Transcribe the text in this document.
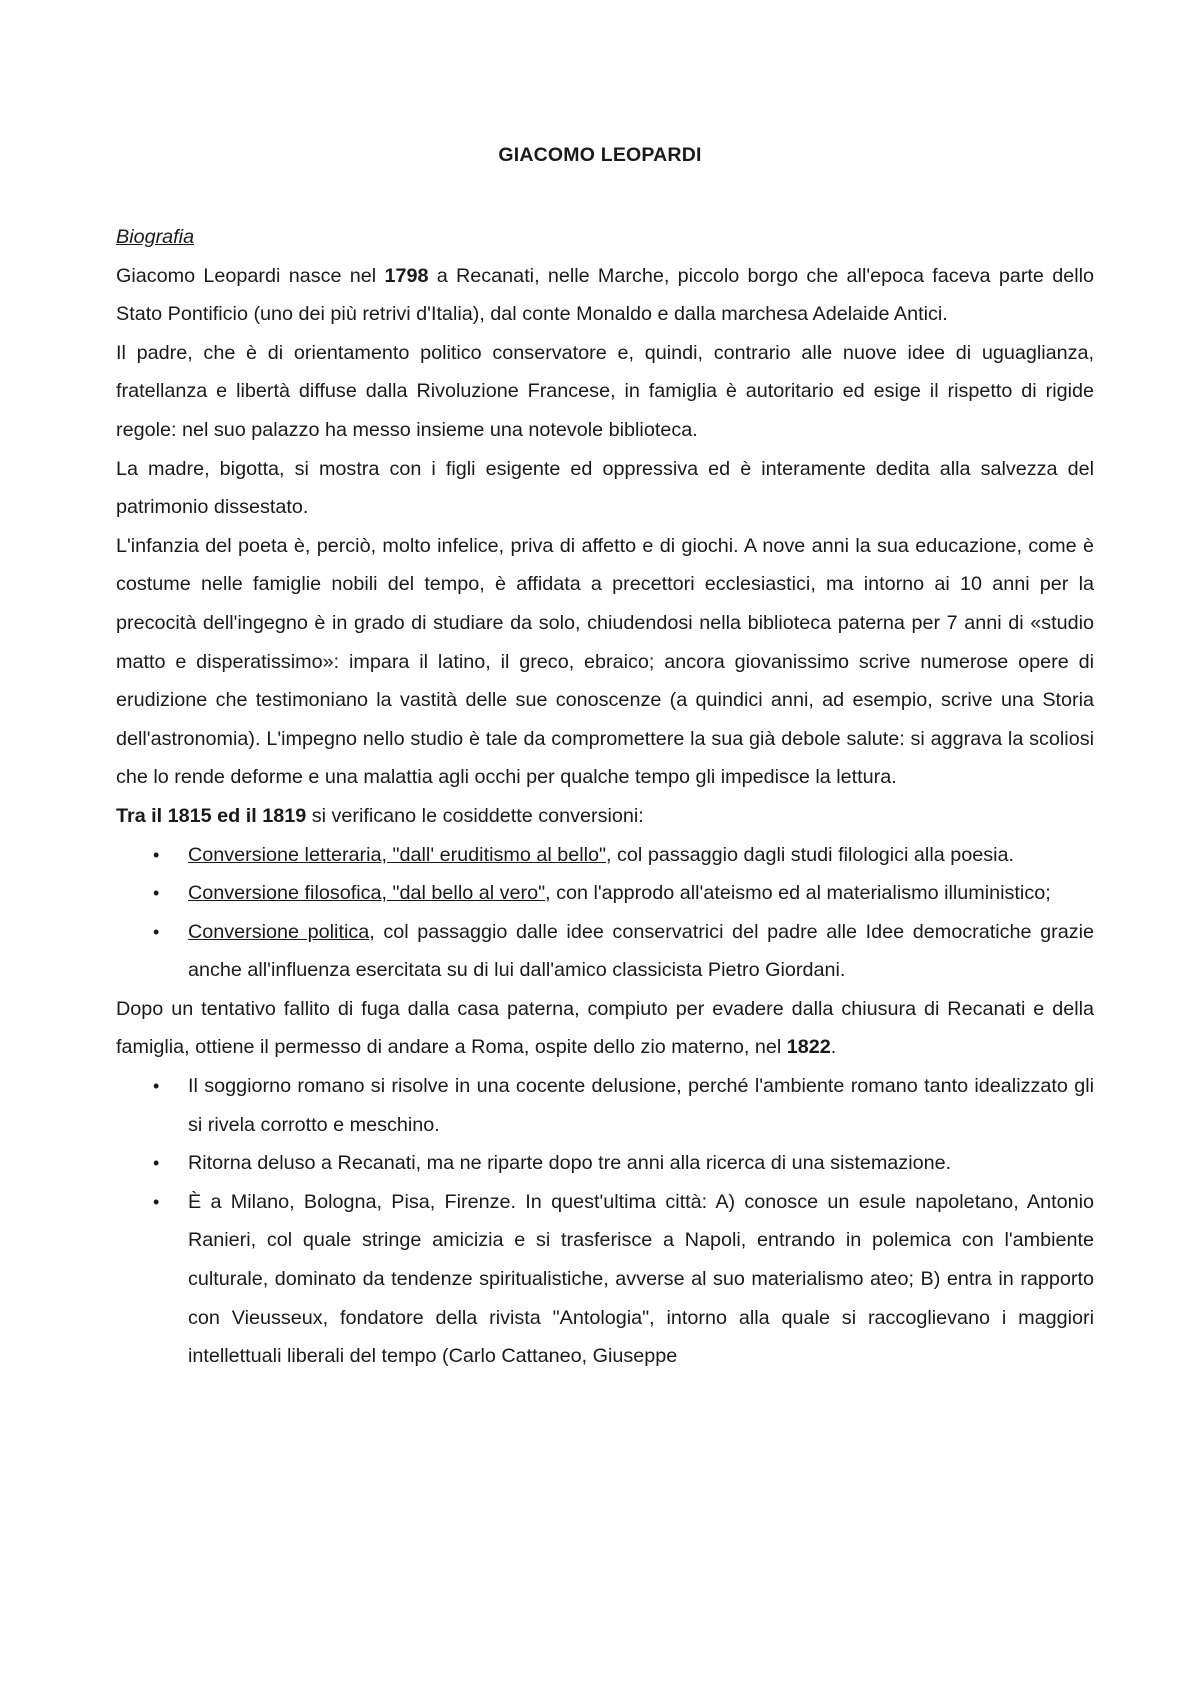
GIACOMO LEOPARDI
Biografia

Giacomo Leopardi nasce nel 1798 a Recanati, nelle Marche, piccolo borgo che all'epoca faceva parte dello Stato Pontificio (uno dei più retrivi d'Italia), dal conte Monaldo e dalla marchesa Adelaide Antici.

Il padre, che è di orientamento politico conservatore e, quindi, contrario alle nuove idee di uguaglianza, fratellanza e libertà diffuse dalla Rivoluzione Francese, in famiglia è autoritario ed esige il rispetto di rigide regole: nel suo palazzo ha messo insieme una notevole biblioteca.

La madre, bigotta, si mostra con i figli esigente ed oppressiva ed è interamente dedita alla salvezza del patrimonio dissestato.

L'infanzia del poeta è, perciò, molto infelice, priva di affetto e di giochi. A nove anni la sua educazione, come è costume nelle famiglie nobili del tempo, è affidata a precettori ecclesiastici, ma intorno ai 10 anni per la precocità dell'ingegno è in grado di studiare da solo, chiudendosi nella biblioteca paterna per 7 anni di «studio matto e disperatissimo»: impara il latino, il greco, ebraico; ancora giovanissimo scrive numerose opere di erudizione che testimoniano la vastità delle sue conoscenze (a quindici anni, ad esempio, scrive una Storia dell'astronomia). L'impegno nello studio è tale da compromettere la sua già debole salute: si aggrava la scoliosi che lo rende deforme e una malattia agli occhi per qualche tempo gli impedisce la lettura.

Tra il 1815 ed il 1819 si verificano le cosiddette conversioni:

• Conversione letteraria, "dall' eruditismo al bello", col passaggio dagli studi filologici alla poesia.
• Conversione filosofica, "dal bello al vero", con l'approdo all'ateismo ed al materialismo illuministico;
• Conversione politica, col passaggio dalle idee conservatrici del padre alle Idee democratiche grazie anche all'influenza esercitata su di lui dall'amico classicista Pietro Giordani.

Dopo un tentativo fallito di fuga dalla casa paterna, compiuto per evadere dalla chiusura di Recanati e della famiglia, ottiene il permesso di andare a Roma, ospite dello zio materno, nel 1822.

• Il soggiorno romano si risolve in una cocente delusione, perché l'ambiente romano tanto idealizzato gli si rivela corrotto e meschino.
• Ritorna deluso a Recanati, ma ne riparte dopo tre anni alla ricerca di una sistemazione.
• È a Milano, Bologna, Pisa, Firenze. In quest'ultima città: A) conosce un esule napoletano, Antonio Ranieri, col quale stringe amicizia e si trasferisce a Napoli, entrando in polemica con l'ambiente culturale, dominato da tendenze spiritualistiche, avverse al suo materialismo ateo; B) entra in rapporto con Vieusseux, fondatore della rivista "Antologia", intorno alla quale si raccoglievano i maggiori intellettuali liberali del tempo (Carlo Cattaneo, Giuseppe
